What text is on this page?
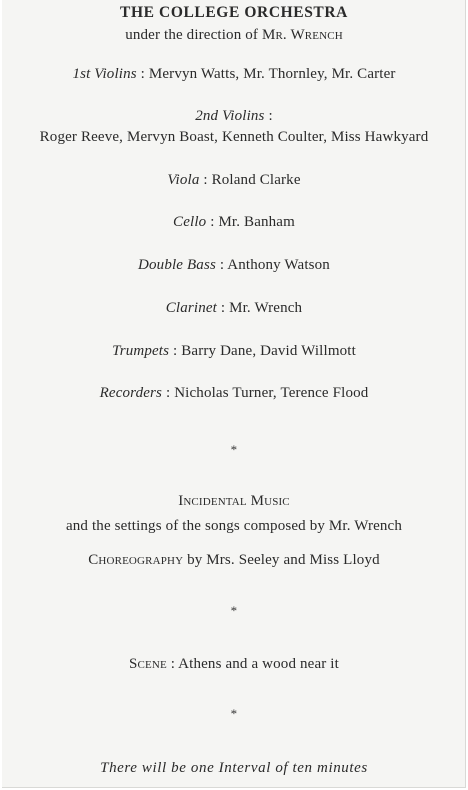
THE COLLEGE ORCHESTRA
under the direction of Mr. Wrench
1st Violins : Mervyn Watts, Mr. Thornley, Mr. Carter
2nd Violins :
Roger Reeve, Mervyn Boast, Kenneth Coulter, Miss Hawkyard
Viola : Roland Clarke
Cello : Mr. Banham
Double Bass : Anthony Watson
Clarinet : Mr. Wrench
Trumpets : Barry Dane, David Willmott
Recorders : Nicholas Turner, Terence Flood
*
Incidental Music
and the settings of the songs composed by Mr. Wrench
Choreography by Mrs. Seeley and Miss Lloyd
*
Scene : Athens and a wood near it
*
There will be one Interval of ten minutes
